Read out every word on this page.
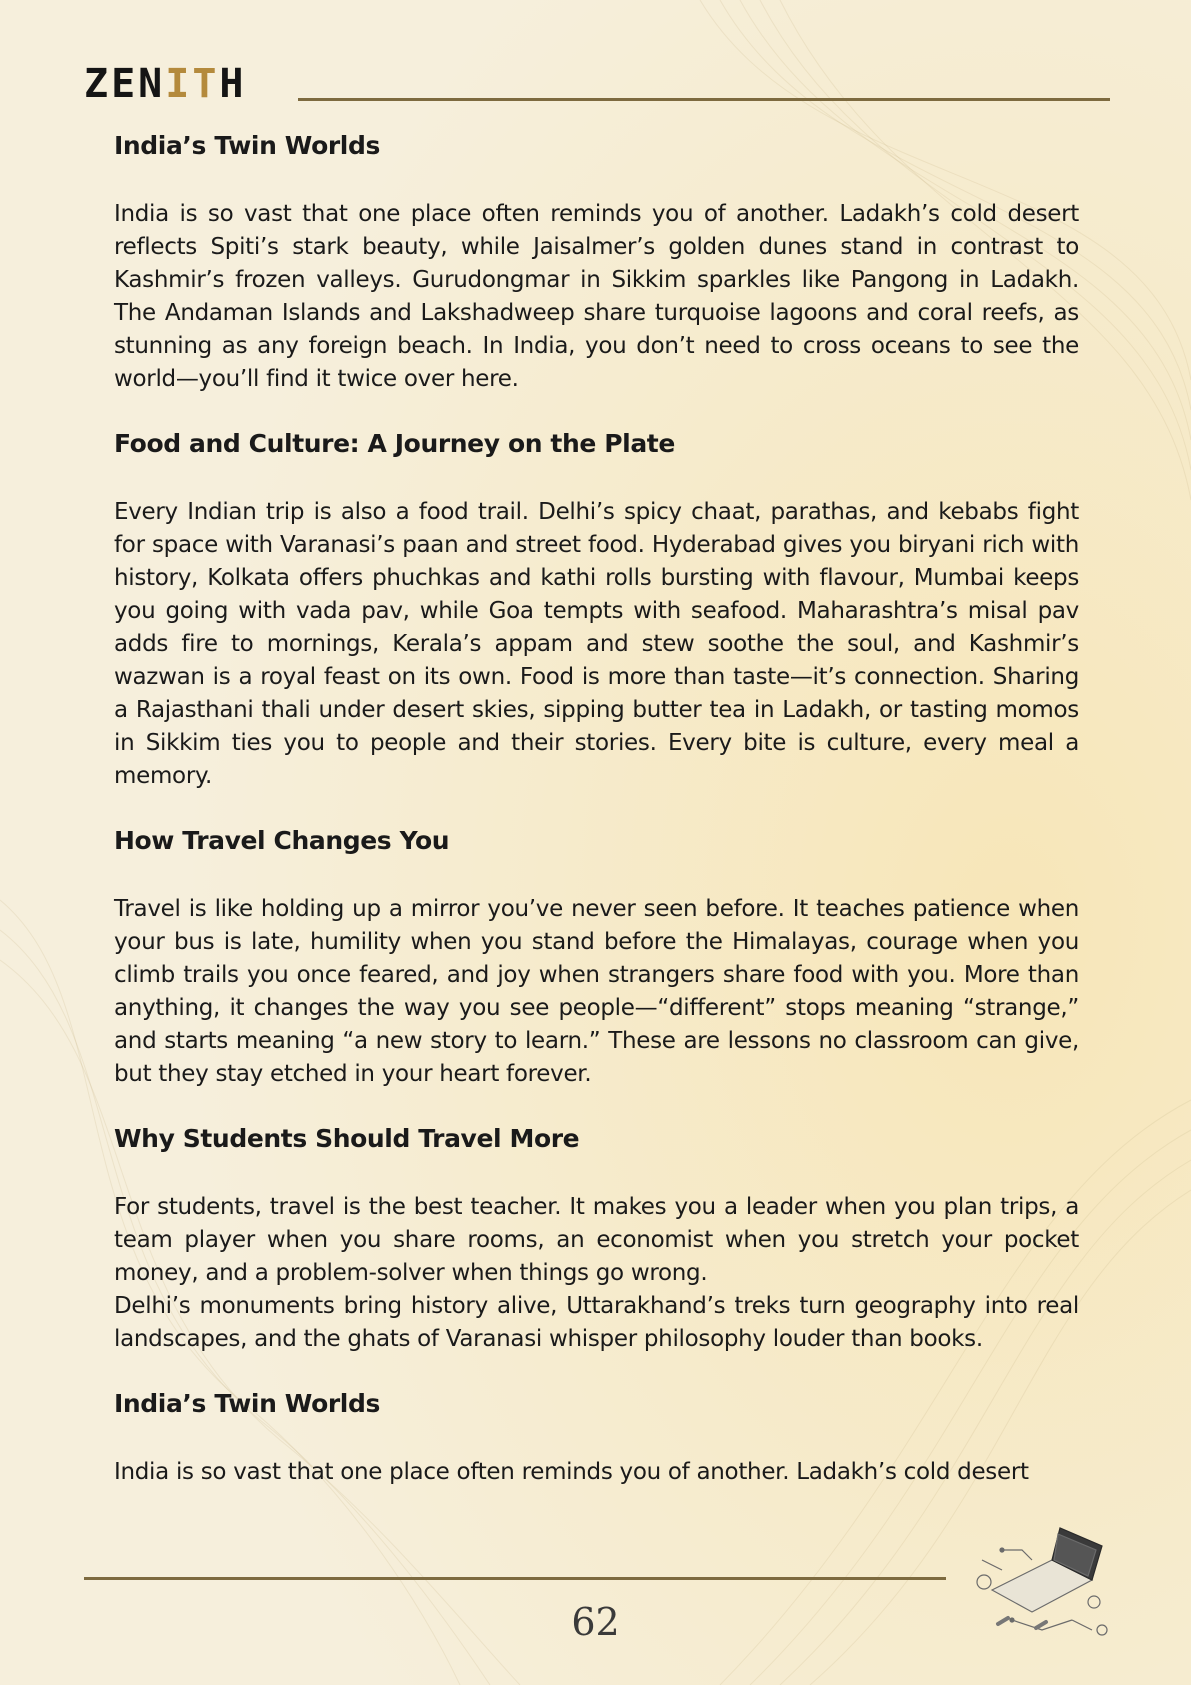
ZEN IT H
India’s Twin Worlds

India is so vast that one place often reminds you of another. Ladakh’s cold desert reflects Spiti’s stark beauty, while Jaisalmer’s golden dunes stand in contrast to Kashmir’s frozen valleys. Gurudongmar in Sikkim sparkles like Pangong in Ladakh. The Andaman Islands and Lakshadweep share turquoise lagoons and coral reefs, as stunning as any foreign beach. In India, you don’t need to cross oceans to see the world—you’ll find it twice over here.

Food and Culture: A Journey on the Plate

Every Indian trip is also a food trail. Delhi’s spicy chaat, parathas, and kebabs fight for space with Varanasi’s paan and street food. Hyderabad gives you biryani rich with history, Kolkata offers phuchkas and kathi rolls bursting with flavour, Mumbai keeps you going with vada pav, while Goa tempts with seafood. Maharashtra’s misal pav adds fire to mornings, Kerala’s appam and stew soothe the soul, and Kashmir’s wazwan is a royal feast on its own. Food is more than taste—it’s connection. Sharing a Rajasthani thali under desert skies, sipping butter tea in Ladakh, or tasting momos in Sikkim ties you to people and their stories. Every bite is culture, every meal a memory.

How Travel Changes You

Travel is like holding up a mirror you’ve never seen before. It teaches patience when your bus is late, humility when you stand before the Himalayas, courage when you climb trails you once feared, and joy when strangers share food with you. More than anything, it changes the way you see people—“different” stops meaning “strange,” and starts meaning “a new story to learn.” These are lessons no classroom can give, but they stay etched in your heart forever.

Why Students Should Travel More

For students, travel is the best teacher. It makes you a leader when you plan trips, a team player when you share rooms, an economist when you stretch your pocket money, and a problem-solver when things go wrong.

Delhi’s monuments bring history alive, Uttarakhand’s treks turn geography into real landscapes, and the ghats of Varanasi whisper philosophy louder than books.

India’s Twin Worlds

India is so vast that one place often reminds you of another. Ladakh’s cold desert

62
